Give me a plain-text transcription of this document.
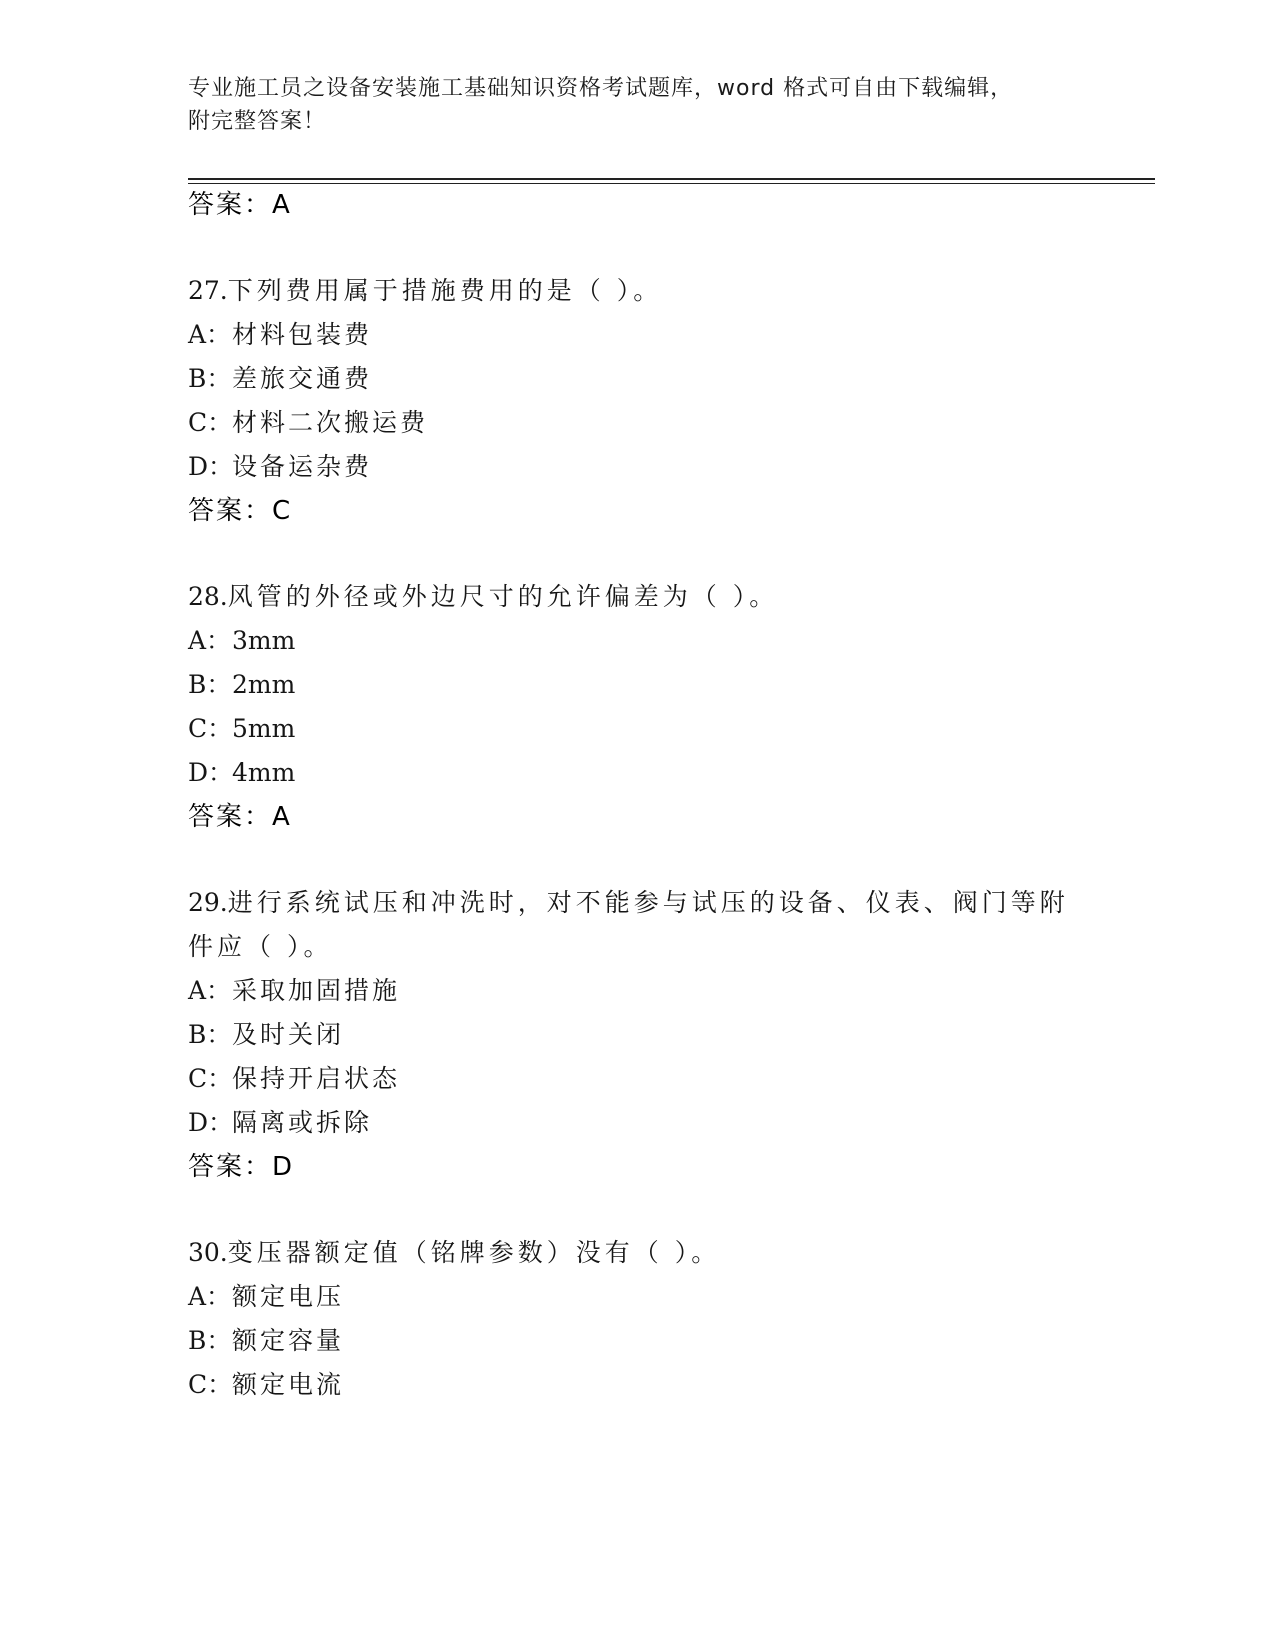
专业施工员之设备安装施工基础知识资格考试题库，word 格式可自由下载编辑，
附完整答案！
答案：A
27.下列费用属于措施费用的是（ ）。
A：材料包装费
B：差旅交通费
C：材料二次搬运费
D：设备运杂费
答案：C
28.风管的外径或外边尺寸的允许偏差为（ ）。
A：3mm
B：2mm
C：5mm
D：4mm
答案：A
29.进行系统试压和冲洗时，对不能参与试压的设备、仪表、阀门等附
件应（ ）。
A：采取加固措施
B：及时关闭
C：保持开启状态
D：隔离或拆除
答案：D
30.变压器额定值（铭牌参数）没有（ ）。
A：额定电压
B：额定容量
C：额定电流
